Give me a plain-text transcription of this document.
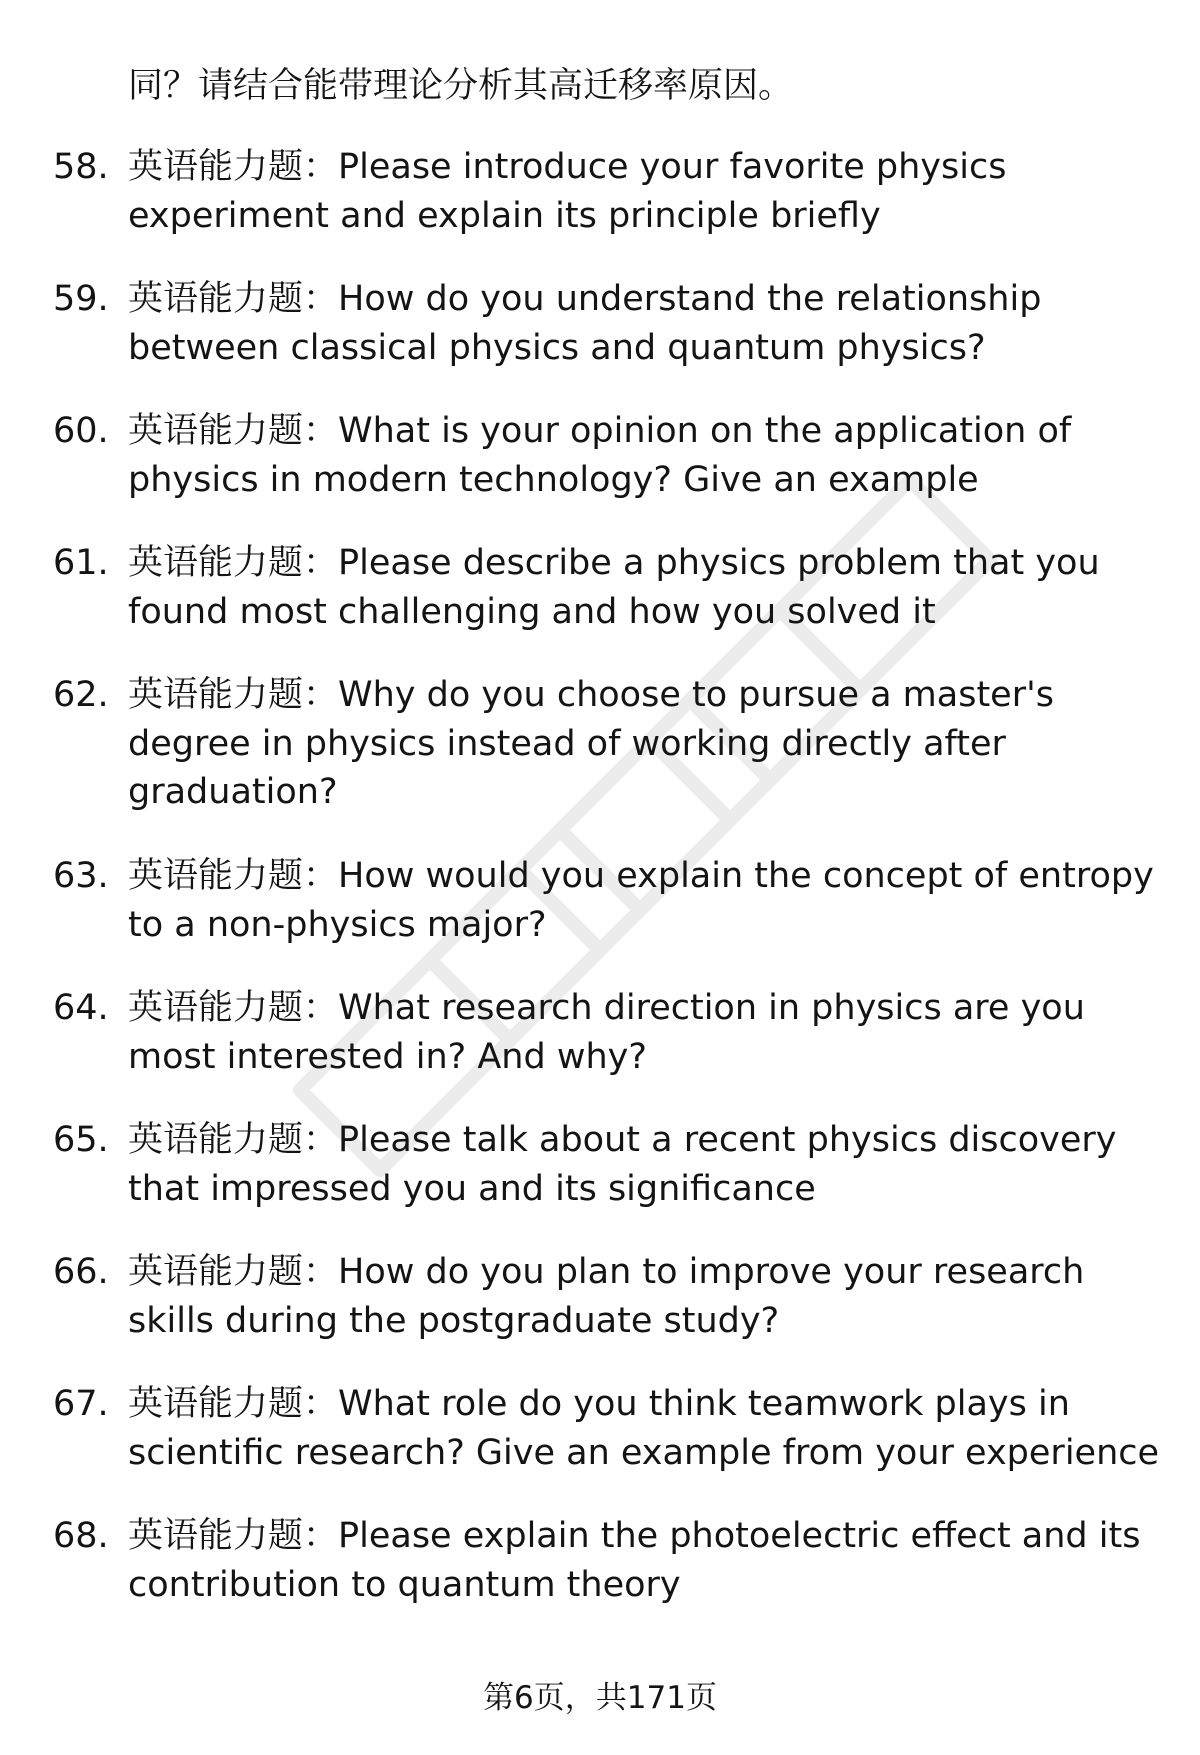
同？请结合能带理论分析其高迁移率原因。

58. 英语能力题：Please introduce your favorite physics experiment and explain its principle briefly
59. 英语能力题：How do you understand the relationship between classical physics and quantum physics?
60. 英语能力题：What is your opinion on the application of physics in modern technology? Give an example
61. 英语能力题：Please describe a physics problem that you found most challenging and how you solved it
62. 英语能力题：Why do you choose to pursue a master's degree in physics instead of working directly after graduation?
63. 英语能力题：How would you explain the concept of entropy to a non-physics major?
64. 英语能力题：What research direction in physics are you most interested in? And why?
65. 英语能力题：Please talk about a recent physics discovery that impressed you and its significance
66. 英语能力题：How do you plan to improve your research skills during the postgraduate study?
67. 英语能力题：What role do you think teamwork plays in scientific research? Give an example from your experience
68. 英语能力题：Please explain the photoelectric effect and its contribution to quantum theory
第6页，共171页
